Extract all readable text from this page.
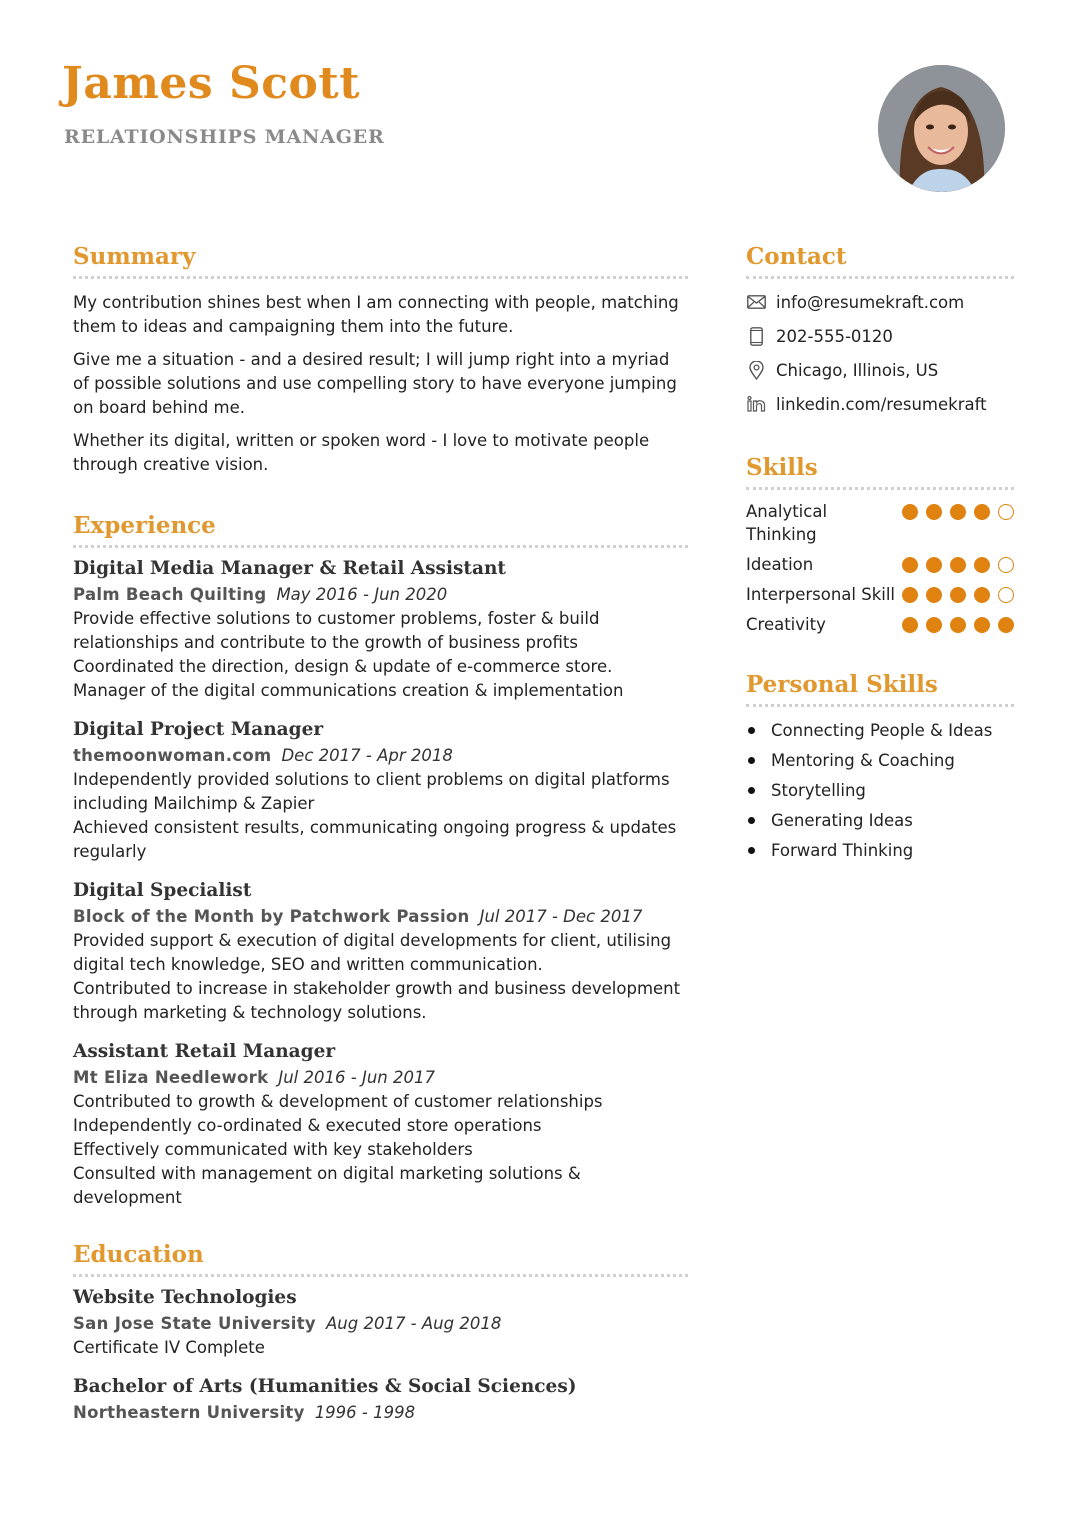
James Scott
RELATIONSHIPS MANAGER
Summary

My contribution shines best when I am connecting with people, matching them to ideas and campaigning them into the future.

Give me a situation - and a desired result; I will jump right into a myriad of possible solutions and use compelling story to have everyone jumping on board behind me.

Whether its digital, written or spoken word - I love to motivate people through creative vision.

Experience
Digital Media Manager & Retail Assistant
Palm Beach Quilting May 2016 - Jun 2020
Provide effective solutions to customer problems, foster & build relationships and contribute to the growth of business profits
Coordinated the direction, design & update of e-commerce store.
Manager of the digital communications creation & implementation
Digital Project Manager
themoonwoman.com Dec 2017 - Apr 2018
Independently provided solutions to client problems on digital platforms including Mailchimp & Zapier
Achieved consistent results, communicating ongoing progress & updates regularly
Digital Specialist
Block of the Month by Patchwork Passion Jul 2017 - Dec 2017
Provided support & execution of digital developments for client, utilising digital tech knowledge, SEO and written communication.
Contributed to increase in stakeholder growth and business development through marketing & technology solutions.
Assistant Retail Manager
Mt Eliza Needlework Jul 2016 - Jun 2017
Contributed to growth & development of customer relationships
Independently co-ordinated & executed store operations
Effectively communicated with key stakeholders
Consulted with management on digital marketing solutions & development
Education
Website Technologies
San Jose State University Aug 2017 - Aug 2018
Certificate IV Complete
Bachelor of Arts (Humanities & Social Sciences)
Northeastern University 1996 - 1998
Contact
info@resumekraft.com
202-555-0120
Chicago, Illinois, US
linkedin.com/resumekraft
Skills
Analytical Thinking
Ideation
Interpersonal Skill
Creativity
Personal Skills
Connecting People & Ideas
Mentoring & Coaching
Storytelling
Generating Ideas
Forward Thinking
